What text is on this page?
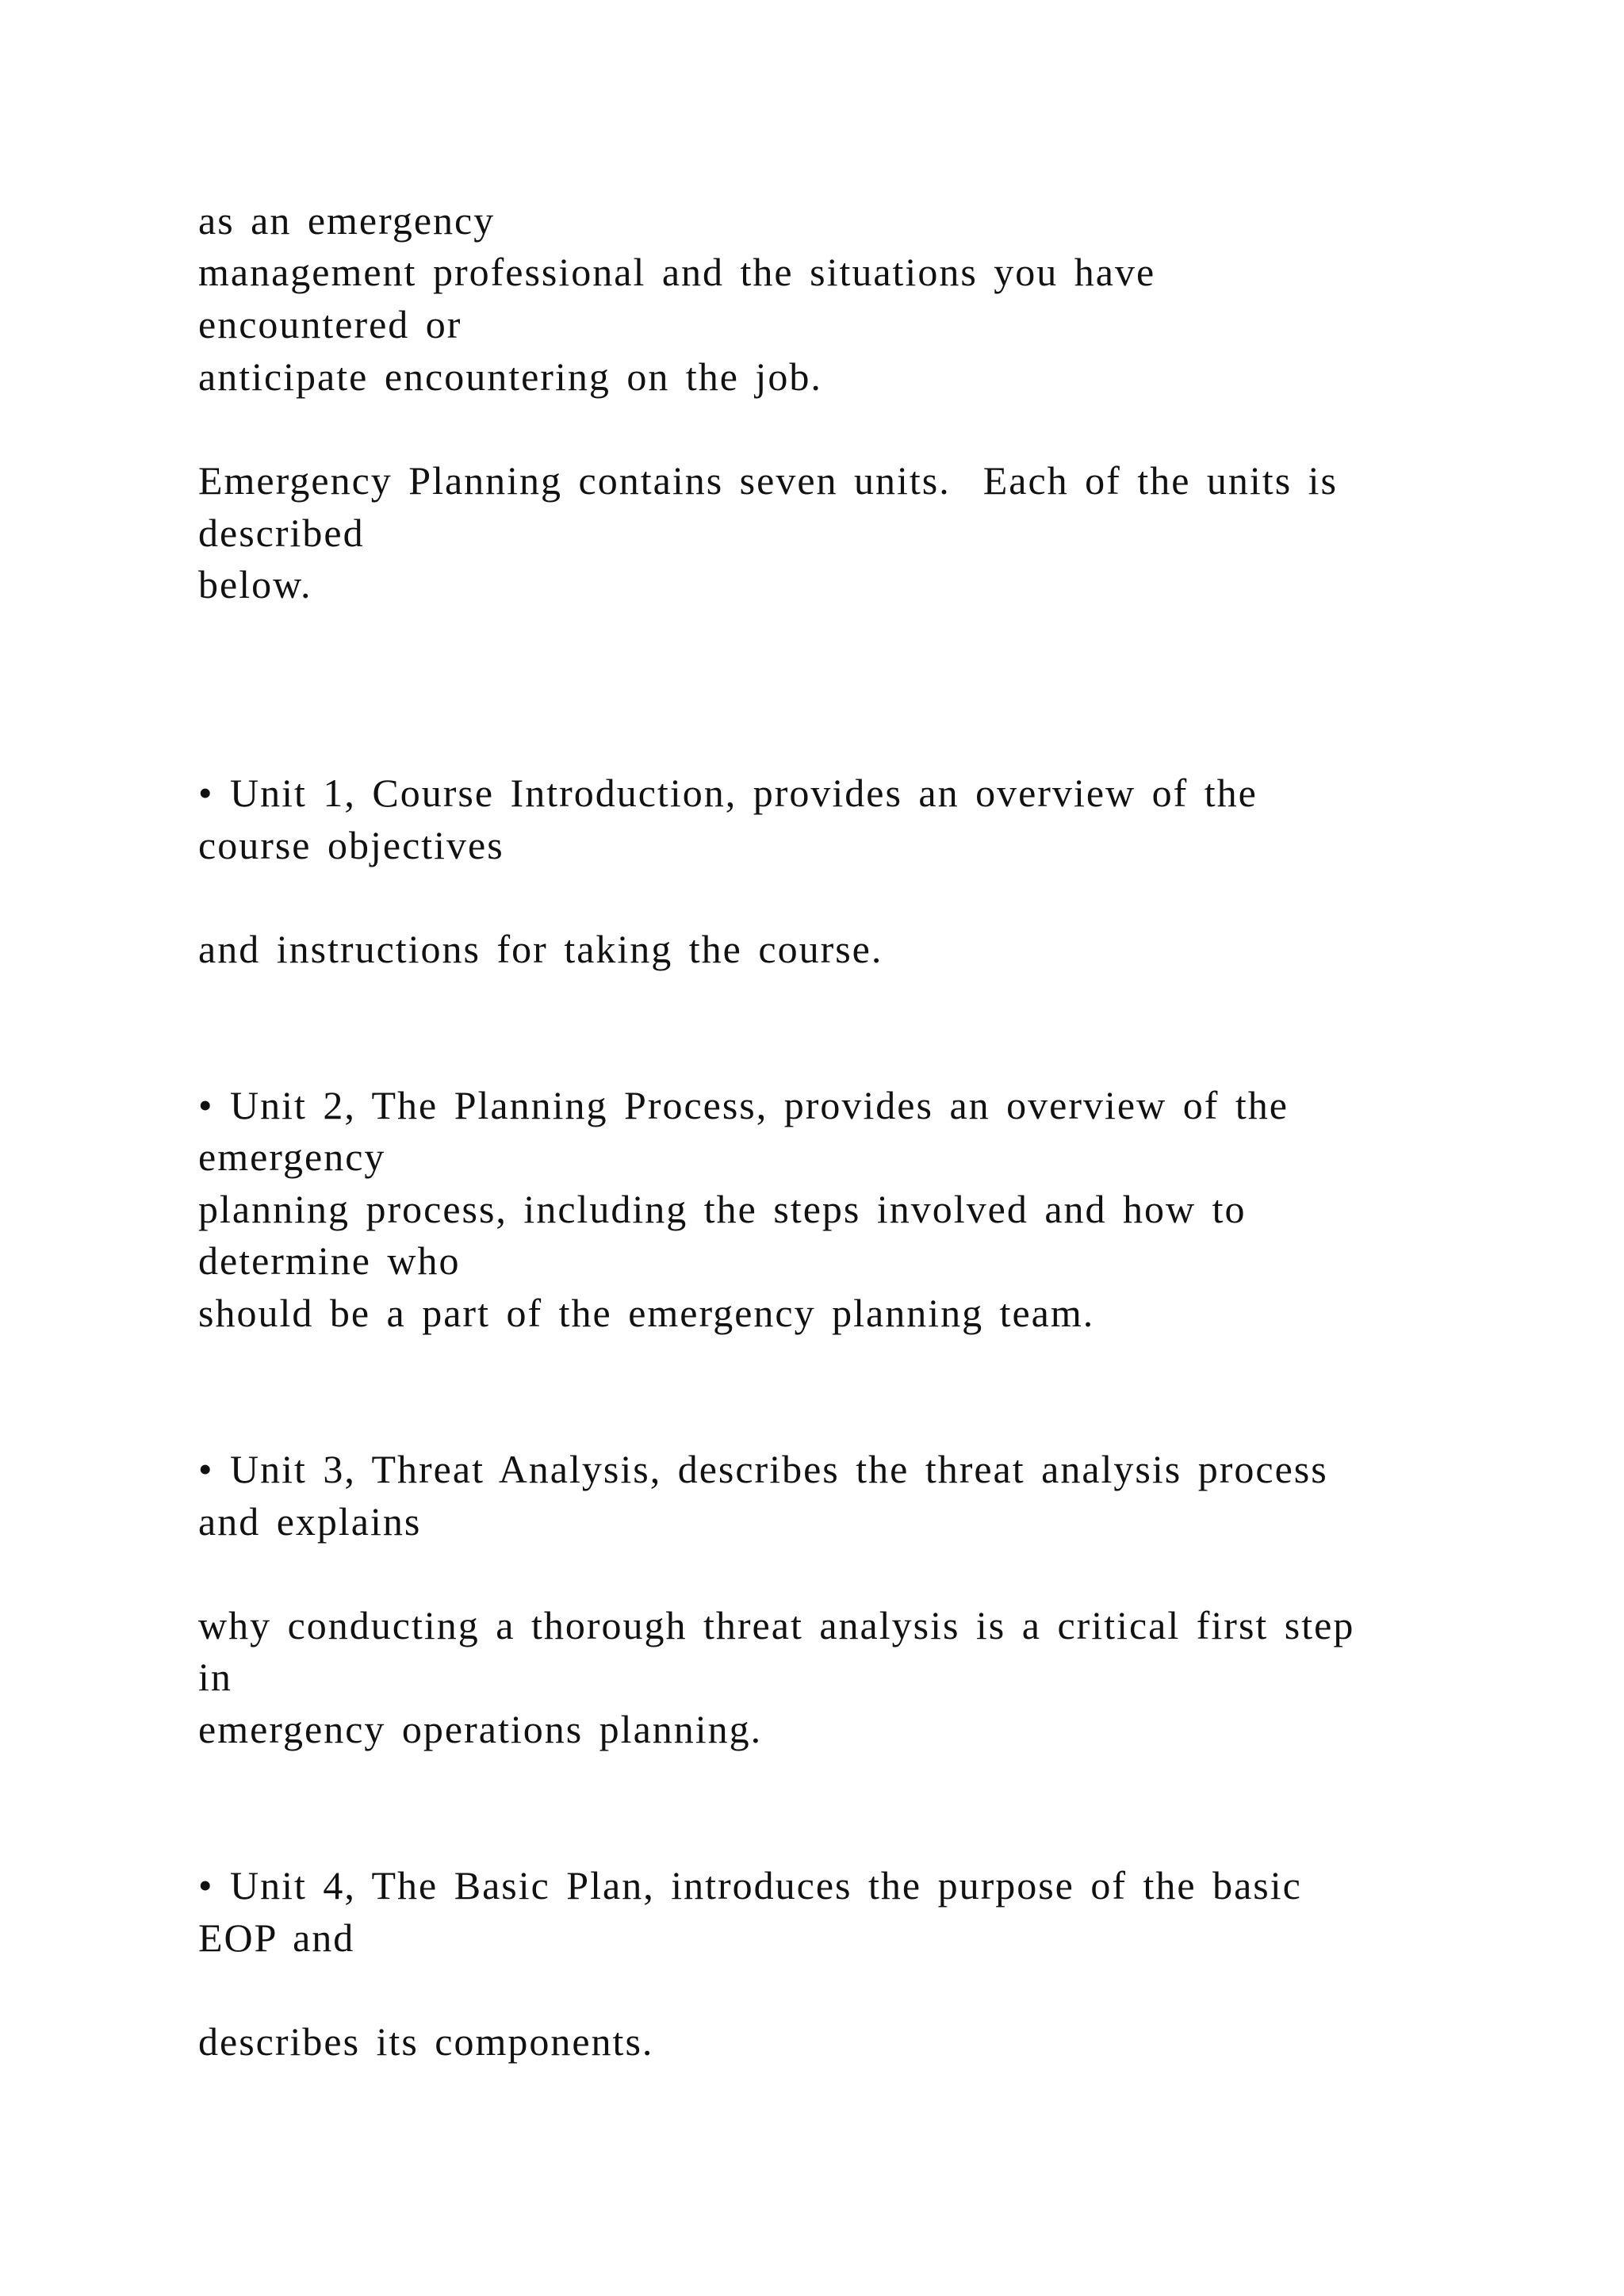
as an emergency
management professional and the situations you have
encountered or
anticipate encountering on the job.
Emergency Planning contains seven units.  Each of the units is
described
below.
• Unit 1, Course Introduction, provides an overview of the
course objectives
and instructions for taking the course.
• Unit 2, The Planning Process, provides an overview of the
emergency
planning process, including the steps involved and how to
determine who
should be a part of the emergency planning team.
• Unit 3, Threat Analysis, describes the threat analysis process
and explains
why conducting a thorough threat analysis is a critical first step
in
emergency operations planning.
• Unit 4, The Basic Plan, introduces the purpose of the basic
EOP and
describes its components.
